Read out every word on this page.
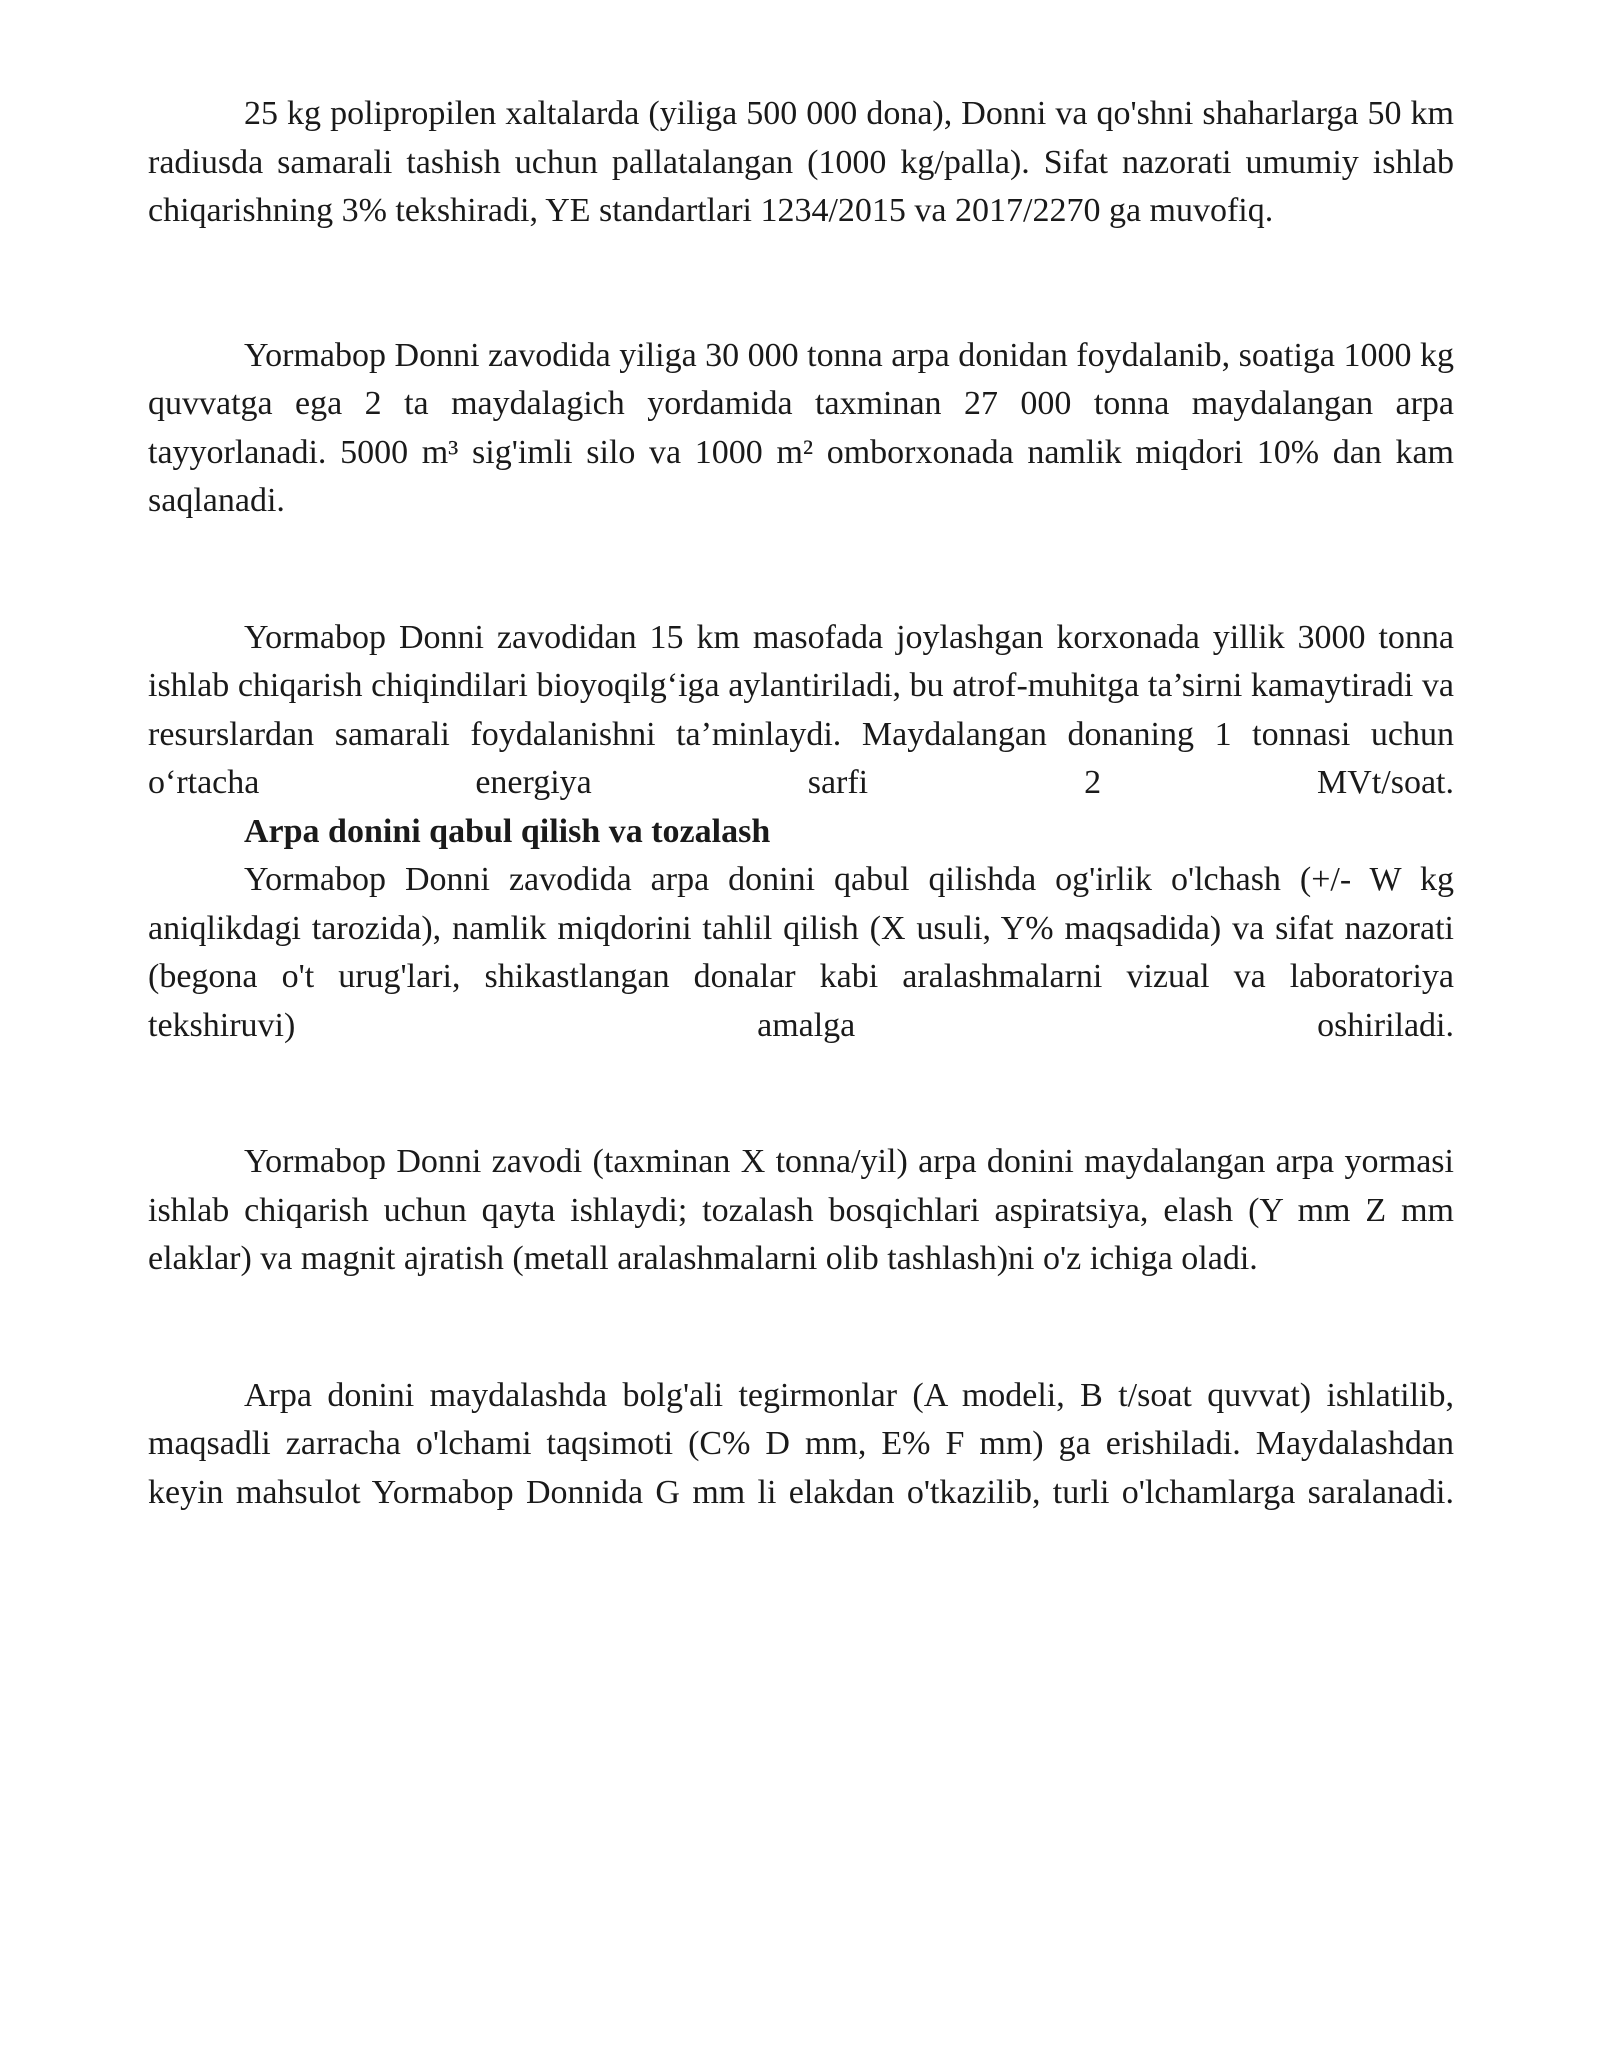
25 kg polipropilen xaltalarda (yiliga 500 000 dona), Donni va qo'shni shaharlarga 50 km radiusda samarali tashish uchun pallatalangan (1000 kg/palla). Sifat nazorati umumiy ishlab chiqarishning 3% tekshiradi, YE standartlari 1234/2015 va 2017/2270 ga muvofiq.

Yormabop Donni zavodida yiliga 30 000 tonna arpa donidan foydalanib, soatiga 1000 kg quvvatga ega 2 ta maydalagich yordamida taxminan 27 000 tonna maydalangan arpa tayyorlanadi. 5000 m³ sig'imli silo va 1000 m² omborxonada namlik miqdori 10% dan kam saqlanadi.

Yormabop Donni zavodidan 15 km masofada joylashgan korxonada yillik 3000 tonna ishlab chiqarish chiqindilari bioyoqilg‘iga aylantiriladi, bu atrof-muhitga ta’sirni kamaytiradi va resurslardan samarali foydalanishni ta’minlaydi. Maydalangan donaning 1 tonnasi uchun o‘rtacha energiya sarfi 2 MVt/soat.

Arpa donini qabul qilish va tozalash

Yormabop Donni zavodida arpa donini qabul qilishda og'irlik o'lchash (+/- W kg aniqlikdagi tarozida), namlik miqdorini tahlil qilish (X usuli, Y% maqsadida) va sifat nazorati (begona o't urug'lari, shikastlangan donalar kabi aralashmalarni vizual va laboratoriya tekshiruvi) amalga oshiriladi.

Yormabop Donni zavodi (taxminan X tonna/yil) arpa donini maydalangan arpa yormasi ishlab chiqarish uchun qayta ishlaydi; tozalash bosqichlari aspiratsiya, elash (Y mm Z mm elaklar) va magnit ajratish (metall aralashmalarni olib tashlash)ni o'z ichiga oladi.

Arpa donini maydalashda bolg'ali tegirmonlar (A modeli, B t/soat quvvat) ishlatilib, maqsadli zarracha o'lchami taqsimoti (C% D mm, E% F mm) ga erishiladi. Maydalashdan keyin mahsulot Yormabop Donnida G mm li elakdan o'tkazilib, turli o'lchamlarga saralanadi.
